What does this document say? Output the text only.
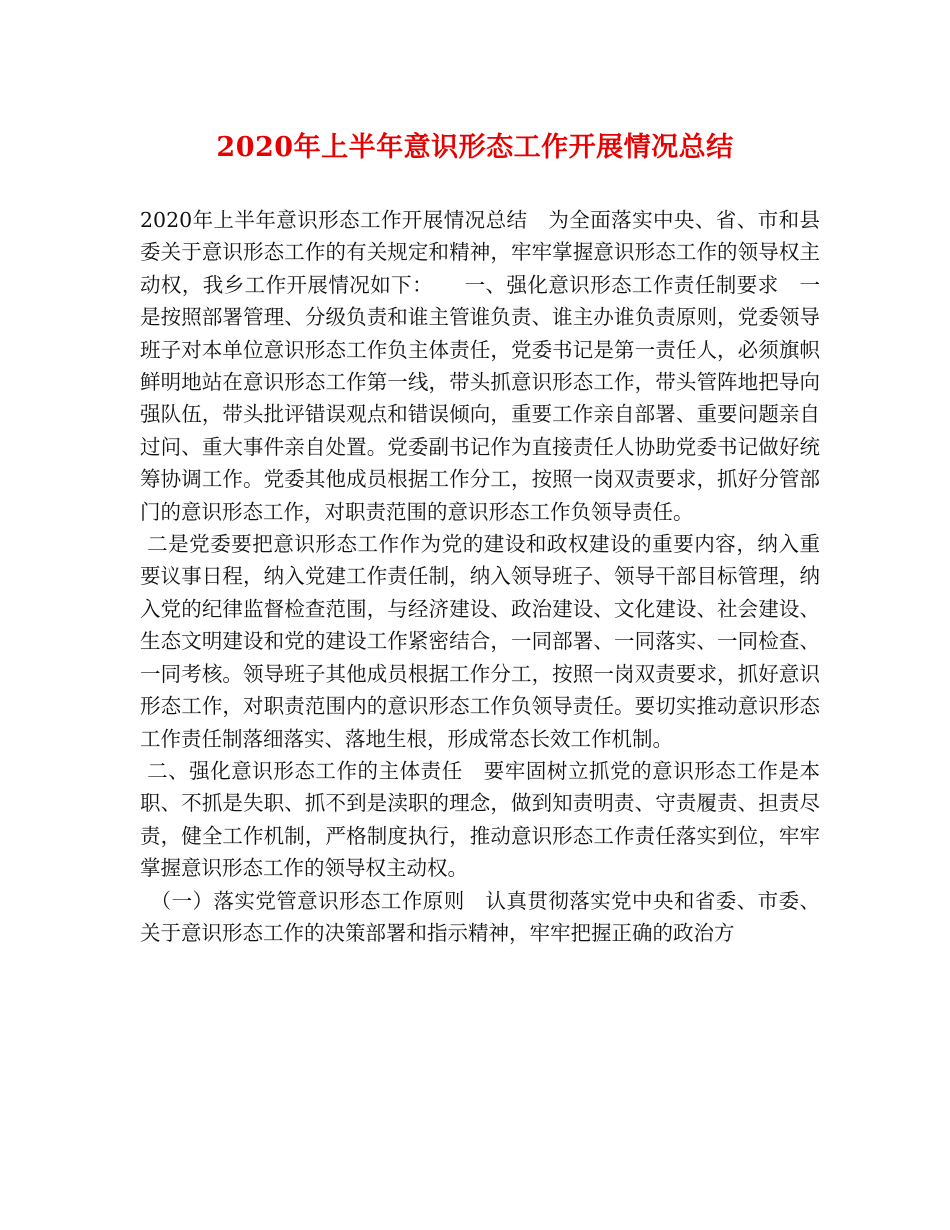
2020年上半年意识形态工作开展情况总结

2020年上半年意识形态工作开展情况总结　为全面落实中央、省、市和县委关于意识形态工作的有关规定和精神，牢牢掌握意识形态工作的领导权主动权，我乡工作开展情况如下：　　一、强化意识形态工作责任制要求　一是按照部署管理、分级负责和谁主管谁负责、谁主办谁负责原则，党委领导班子对本单位意识形态工作负主体责任，党委书记是第一责任人，必须旗帜鲜明地站在意识形态工作第一线，带头抓意识形态工作，带头管阵地把导向强队伍，带头批评错误观点和错误倾向，重要工作亲自部署、重要问题亲自过问、重大事件亲自处置。党委副书记作为直接责任人协助党委书记做好统筹协调工作。党委其他成员根据工作分工，按照一岗双责要求，抓好分管部门的意识形态工作，对职责范围的意识形态工作负领导责任。

二是党委要把意识形态工作作为党的建设和政权建设的重要内容，纳入重要议事日程，纳入党建工作责任制，纳入领导班子、领导干部目标管理，纳入党的纪律监督检查范围，与经济建设、政治建设、文化建设、社会建设、生态文明建设和党的建设工作紧密结合，一同部署、一同落实、一同检查、一同考核。领导班子其他成员根据工作分工，按照一岗双责要求，抓好意识形态工作，对职责范围内的意识形态工作负领导责任。要切实推动意识形态工作责任制落细落实、落地生根，形成常态长效工作机制。

二、强化意识形态工作的主体责任　要牢固树立抓党的意识形态工作是本职、不抓是失职、抓不到是渎职的理念，做到知责明责、守责履责、担责尽责，健全工作机制，严格制度执行，推动意识形态工作责任落实到位，牢牢掌握意识形态工作的领导权主动权。

　（一）落实党管意识形态工作原则　认真贯彻落实党中央和省委、市委、关于意识形态工作的决策部署和指示精神，牢牢把握正确的政治方
